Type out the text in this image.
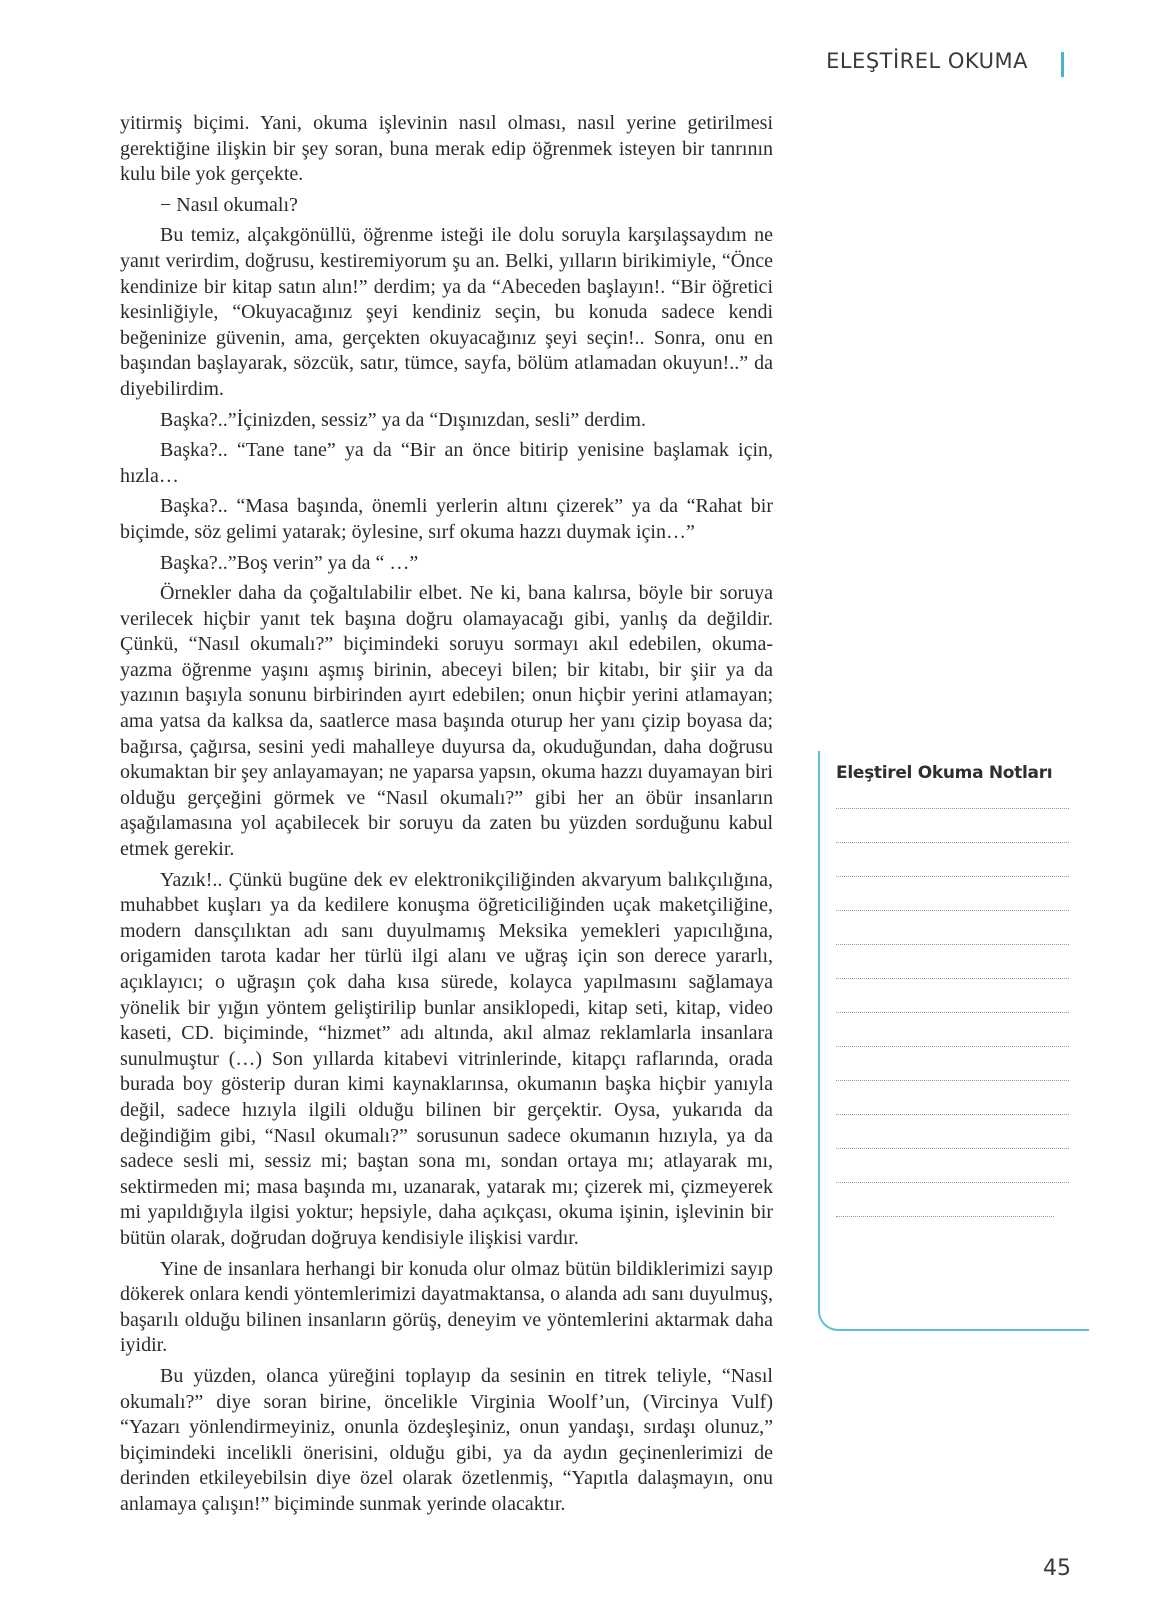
ELEŞTİREL OKUMA

yitirmiş biçimi. Yani, okuma işlevinin nasıl olması, nasıl yerine getirilmesi gerektiğine ilişkin bir şey soran, buna merak edip öğrenmek isteyen bir tanrının kulu bile yok gerçekte.

− Nasıl okumalı?

Bu temiz, alçakgönüllü, öğrenme isteği ile dolu soruyla karşılaşsaydım ne yanıt verirdim, doğrusu, kestiremiyorum şu an. Belki, yılların birikimiyle, “Önce kendinize bir kitap satın alın!” derdim; ya da “Abeceden başlayın!. “Bir öğretici kesinliğiyle, “Okuyacağınız şeyi kendiniz seçin, bu konuda sadece kendi beğeninize güvenin, ama, gerçekten okuyacağınız şeyi seçin!.. Sonra, onu en başından başlayarak, sözcük, satır, tümce, sayfa, bölüm atlamadan okuyun!..” da diyebilirdim.

Başka?..”İçinizden, sessiz” ya da “Dışınızdan, sesli” derdim.

Başka?.. “Tane tane” ya da “Bir an önce bitirip yenisine başlamak için, hızla…

Başka?.. “Masa başında, önemli yerlerin altını çizerek” ya da “Rahat bir biçimde, söz gelimi yatarak; öylesine, sırf okuma hazzı duymak için…”

Başka?..”Boş verin” ya da “ …”

Örnekler daha da çoğaltılabilir elbet. Ne ki, bana kalırsa, böyle bir soruya verilecek hiçbir yanıt tek başına doğru olamayacağı gibi, yanlış da değildir. Çünkü, “Nasıl okumalı?” biçimindeki soruyu sormayı akıl edebilen, okuma-yazma öğrenme yaşını aşmış birinin, abeceyi bilen; bir kitabı, bir şiir ya da yazının başıyla sonunu birbirinden ayırt edebilen; onun hiçbir yerini atlamayan; ama yatsa da kalksa da, saatlerce masa başında oturup her yanı çizip boyasa da; bağırsa, çağırsa, sesini yedi mahalleye duyursa da, okuduğundan, daha doğrusu okumaktan bir şey anlayamayan; ne yaparsa yapsın, okuma hazzı duyamayan biri olduğu gerçeğini görmek ve “Nasıl okumalı?” gibi her an öbür insanların aşağılamasına yol açabilecek bir soruyu da zaten bu yüzden sorduğunu kabul etmek gerekir.

Yazık!.. Çünkü bugüne dek ev elektronikçiliğinden akvaryum balıkçılığına, muhabbet kuşları ya da kedilere konuşma öğreticiliğinden uçak maketçiliğine, modern dansçılıktan adı sanı duyulmamış Meksika yemekleri yapıcılığına, origamiden tarota kadar her türlü ilgi alanı ve uğraş için son derece yararlı, açıklayıcı; o uğraşın çok daha kısa sürede, kolayca yapılmasını sağlamaya yönelik bir yığın yöntem geliştirilip bunlar ansiklopedi, kitap seti, kitap, video kaseti, CD. biçiminde, “hizmet” adı altında, akıl almaz reklamlarla insanlara sunulmuştur (…) Son yıllarda kitabevi vitrinlerinde, kitapçı raflarında, orada burada boy gösterip duran kimi kaynaklarınsa, okumanın başka hiçbir yanıyla değil, sadece hızıyla ilgili olduğu bilinen bir gerçektir. Oysa, yukarıda da değindiğim gibi, “Nasıl okumalı?” sorusunun sadece okumanın hızıyla, ya da sadece sesli mi, sessiz mi; baştan sona mı, sondan ortaya mı; atlayarak mı, sektirmeden mi; masa başında mı, uzanarak, yatarak mı; çizerek mi, çizmeyerek mi yapıldığıyla ilgisi yoktur; hepsiyle, daha açıkçası, okuma işinin, işlevinin bir bütün olarak, doğrudan doğruya kendisiyle ilişkisi vardır.

Yine de insanlara herhangi bir konuda olur olmaz bütün bildiklerimizi sayıp dökerek onlara kendi yöntemlerimizi dayatmaktansa, o alanda adı sanı duyulmuş, başarılı olduğu bilinen insanların görüş, deneyim ve yöntemlerini aktarmak daha iyidir.

Bu yüzden, olanca yüreğini toplayıp da sesinin en titrek teliyle, “Nasıl okumalı?” diye soran birine, öncelikle Virginia Woolf’un, (Vircinya Vulf) “Yazarı yönlendirmeyiniz, onunla özdeşleşiniz, onun yandaşı, sırdaşı olunuz,” biçimindeki incelikli önerisini, olduğu gibi, ya da aydın geçinenlerimizi de derinden etkileyebilsin diye özel olarak özetlenmiş, “Yapıtla dalaşmayın, onu anlamaya çalışın!” biçiminde sunmak yerinde olacaktır.

Eleştirel Okuma Notları
45
